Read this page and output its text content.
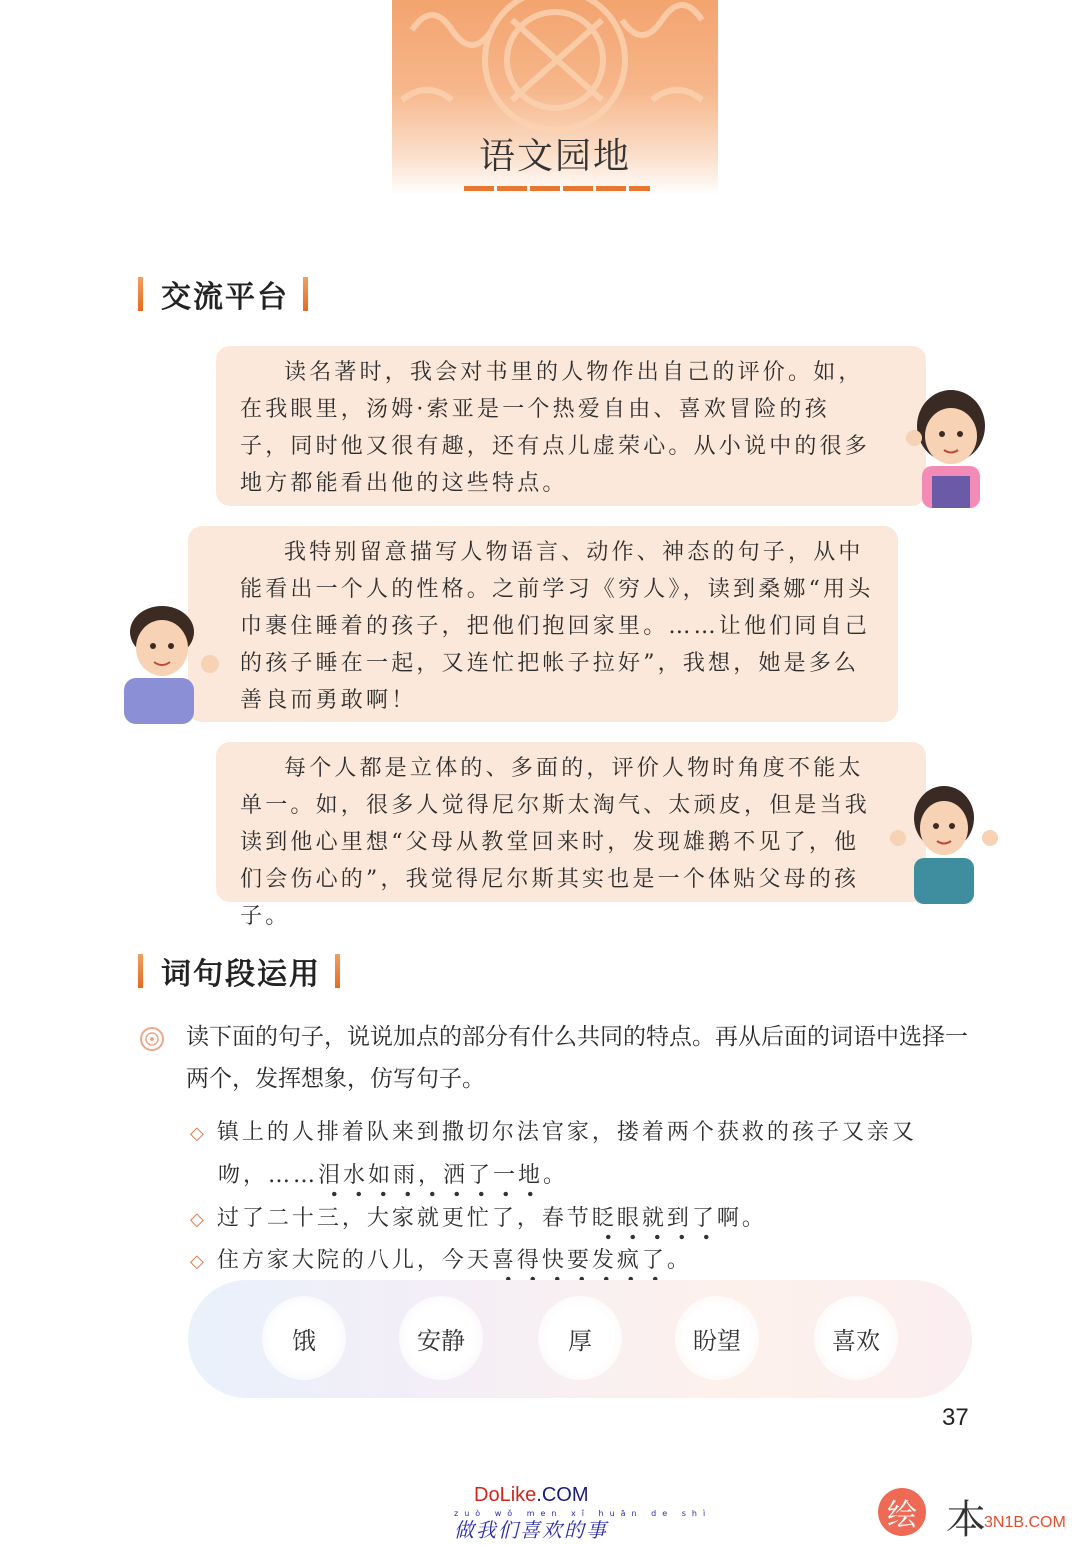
语文园地
交流平台

读名著时，我会对书里的人物作出自己的评价。如，在我眼里，汤姆·索亚是一个热爱自由、喜欢冒险的孩子，同时他又很有趣，还有点儿虚荣心。从小说中的很多地方都能看出他的这些特点。

我特别留意描写人物语言、动作、神态的句子，从中能看出一个人的性格。之前学习《穷人》，读到桑娜“用头巾裹住睡着的孩子，把他们抱回家里。……让他们同自己的孩子睡在一起，又连忙把帐子拉好”，我想，她是多么善良而勇敢啊！

每个人都是立体的、多面的，评价人物时角度不能太单一。如，很多人觉得尼尔斯太淘气、太顽皮，但是当我读到他心里想“父母从教堂回来时，发现雄鹅不见了，他们会伤心的”，我觉得尼尔斯其实也是一个体贴父母的孩子。

词句段运用
读下面的句子，说说加点的部分有什么共同的特点。再从后面的词语中选择一两个，发挥想象，仿写句子。
◇ 镇上的人排着队来到撒切尔法官家，搂着两个获救的孩子又亲又
吻，……泪水如雨，洒了一地。
◇ 过了二十三，大家就更忙了，春节眨眼就到了啊。
◇ 住方家大院的八儿，今天喜得快要发疯了。
饿	安静	厚	盼望	喜欢
37
DoLike.COM
zuò wǒ men xǐ huān de shì
做我们喜欢的事	绘 本
3N1B.COM
